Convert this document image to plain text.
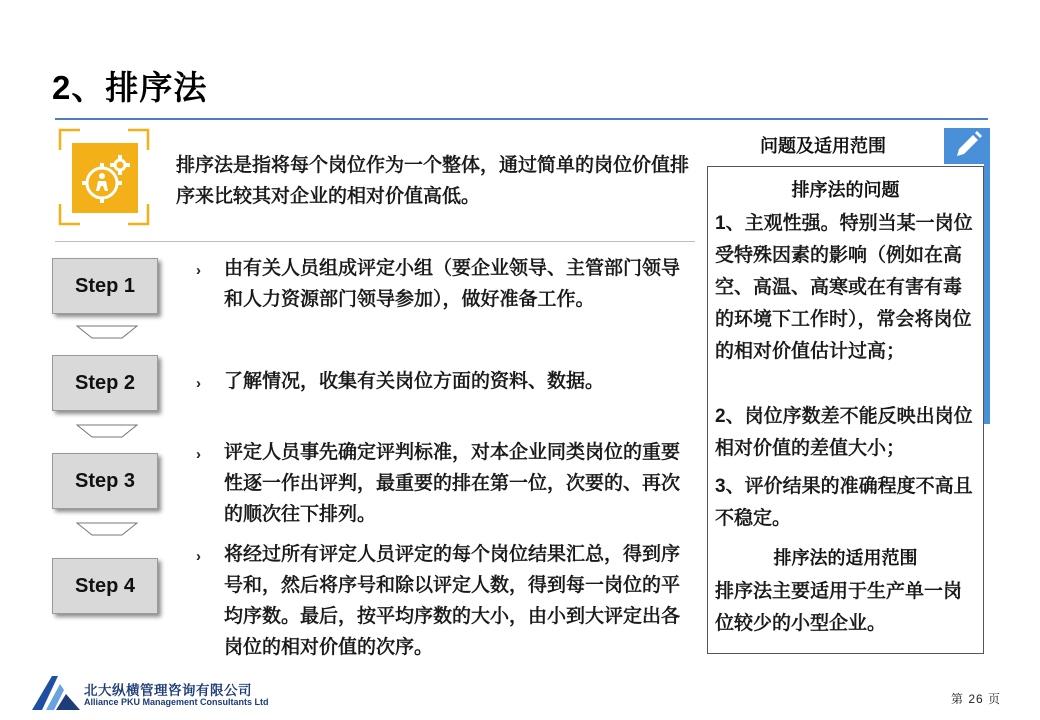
2、排序法
排序法是指将每个岗位作为一个整体，通过简单的岗位价值排序来比较其对企业的相对价值高低。
Step 1
Step 2
Step 3
Step 4
› 由有关人员组成评定小组（要企业领导、主管部门领导和人力资源部门领导参加），做好准备工作。
› 了解情况，收集有关岗位方面的资料、数据。
› 评定人员事先确定评判标准，对本企业同类岗位的重要性逐一作出评判，最重要的排在第一位，次要的、再次的顺次往下排列。
› 将经过所有评定人员评定的每个岗位结果汇总，得到序号和，然后将序号和除以评定人数，得到每一岗位的平均序数。最后，按平均序数的大小，由小到大评定出各岗位的相对价值的次序。
问题及适用范围
排序法的问题
1、主观性强。特别当某一岗位受特殊因素的影响（例如在高空、高温、高寒或在有害有毒的环境下工作时），常会将岗位的相对价值估计过高；
2、岗位序数差不能反映出岗位相对价值的差值大小；
3、评价结果的准确程度不高且不稳定。
排序法的适用范围
排序法主要适用于生产单一岗位较少的小型企业。
北大纵横管理咨询有限公司
Alliance PKU Management Consultants Ltd	第 26 页
